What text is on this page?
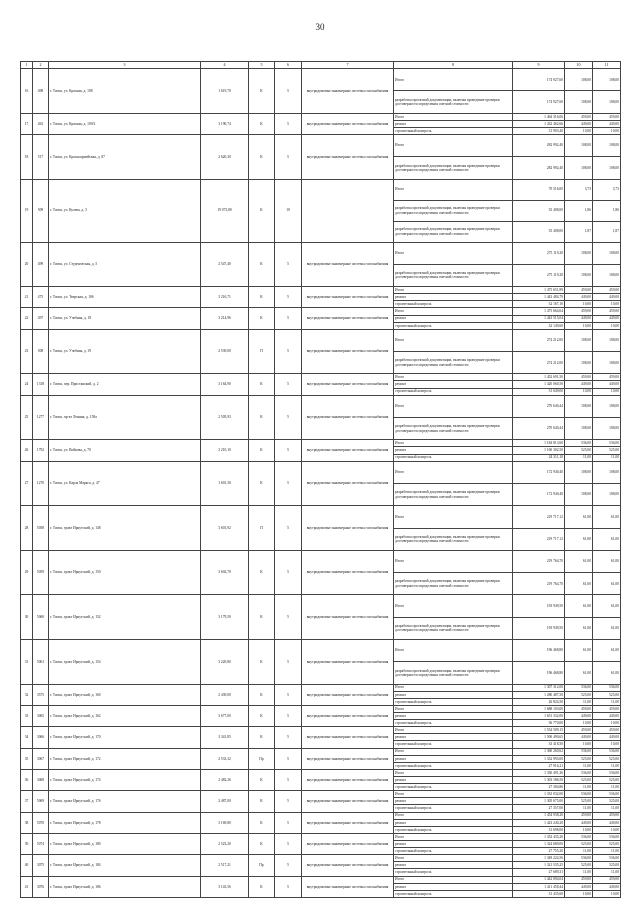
30
1	2	3	4	5	6	7	8	9	10	11
16	498	г. Томск, ул. Красная, д. 108	1 619,70	К	5	внутридомовые инженерные системы газоснабжения	Итого	174 927,60	108,00	108,00
							разработка проектной документации, включая проведение проверки достоверности определения сметной стоимости	174 927,60	108,00	108,00
17	463	г. Томск, ул. Красная, д. 109/2	3 190,74	К	5	внутридомовые инженерные системы газоснабжения	Итого	1 464 316,06	459,00	459,00
							ремонт	1 432 462,66	449,00	449,00
							строительный контроль	31 903,40	10,00	10,00
18	517	г. Томск, ул. Красноармейская, д. 87	2 620,30	К	5	внутридомовые инженерные системы газоснабжения	Итого	282 992,40	108,00	108,00
							разработка проектной документации, включая проведение проверки достоверности определения сметной стоимости	282 992,40	108,00	108,00
19	509	г. Томск, ул. Кулева, д. 3	19 073,80	К	10		Итого	70 516,00	3,73	3,73
							разработка проектной документации, включая проведение проверки достоверности определения сметной стоимости	35 408,00	1,86	1,86
							разработка проектной документации, включая проведение проверки достоверности определения сметной стоимости	35 408,00	1,87	1,87
20	499	г. Томск, ул. Студенческая, д. 5	2 547,40	К	5	внутридомовые инженерные системы газоснабжения	Итого	275 119,20	108,00	108,00
							разработка проектной документации, включая проведение проверки достоверности определения сметной стоимости	275 119,20	108,00	108,00
21	475	г. Томск, ул. Тверская, д. 106	3 216,71	К	5	внутридомовые инженерные системы газоснабжения	Итого	1 475 651,89	459,00	459,00
							ремонт	1 443 484,79	449,00	449,00
							строительный контроль	32 167,10	10,00	10,00
22	497	г. Томск, ул. Учебная, д. 18	3 214,96	К	5	внутридомовые инженерные системы газоснабжения	Итого	1 475 664,64	459,00	459,00
							ремонт	1 443 515,04	449,00	449,00
							строительный контроль	32 149,60	10,00	10,00
23	508	г. Томск, ул. Учебная, д. 19	2 539,00	П	5	внутридомовые инженерные системы газоснабжения	Итого	274 212,00	108,00	108,00
							разработка проектной документации, включая проведение проверки достоверности определения сметной стоимости	274 212,00	108,00	108,00
24	1318	г. Томск, пер. Пристанский, д. 2	3 164,90	К	5	внутридомовые инженерные системы газоснабжения	Итого	1 452 691,50	459,00	459,00
							ремонт	1 420 060,50	449,00	449,00
							строительный контроль	31 649,00	10,00	10,00
25	1277	г. Томск, пр-кт Ленина, д. 158а	2 505,93	К	5	внутридомовые инженерные системы газоснабжения	Итого	270 640,44	108,00	108,00
							разработка проектной документации, включая проведение проверки достоверности определения сметной стоимости	270 640,44	108,00	108,00
26	1792	г. Томск, ул. Войкова, д. 70	2 210,10	К	5	внутридомовые инженерные системы газоснабжения	Итого	1 184 813,60	536,00	536,00
							ремонт	1 160 302,50	525,00	525,00
							строительный контроль	24 311,10	11,00	11,00
27	1270	г. Томск, ул. Карла Маркса, д. 47	1 601,30	К	5	внутридомовые инженерные системы газоснабжения	Итого	172 940,40	108,00	108,00
							разработка проектной документации, включая проведение проверки достоверности определения сметной стоимости	172 940,40	108,00	108,00
28	5058	г. Томск, тракт Иркутский, д. 148	3 601,92	П	5	внутридомовые инженерные системы газоснабжения	Итого	219 717,12	61,00	61,00
							разработка проектной документации, включая проведение проверки достоверности определения сметной стоимости	219 717,12	61,00	61,00
29	5059	г. Томск, тракт Иркутский, д. 150	3 602,70	К	5	внутридомовые инженерные системы газоснабжения	Итого	219 764,70	61,00	61,00
							разработка проектной документации, включая проведение проверки достоверности определения сметной стоимости	219 764,70	61,00	61,00
30	5060	г. Томск, тракт Иркутский, д. 152	3 179,50	К	5	внутридомовые инженерные системы газоснабжения	Итого	193 949,50	61,00	61,00
							разработка проектной документации, включая проведение проверки достоверности определения сметной стоимости	193 949,50	61,00	61,00
31	5061	г. Томск, тракт Иркутский, д. 154	3 220,80	К	5	внутридомовые инженерные системы газоснабжения	Итого	196 468,80	61,00	61,00
							разработка проектной документации, включая проведение проверки достоверности определения сметной стоимости	196 468,80	61,00	61,00
32	3575	г. Томск, тракт Иркутский, д. 160	2 439,00	К	5	внутридомовые инженерные системы газоснабжения	Итого	1 307 312,00	536,00	536,00
							ремонт	1 280 487,50	525,00	525,00
							строительный контроль	26 824,50	11,00	11,00
33	3065	г. Томск, тракт Иркутский, д. 162	3 677,00	К	5	внутридомовые инженерные системы газоснабжения	Итого	1 688 103,00	459,00	459,00
							ремонт	1 651 332,00	449,00	449,00
							строительный контроль	36 770,00	10,00	10,00
34	3066	г. Томск, тракт Иркутский, д. 170	3 341,85	К	5	внутридомовые инженерные системы газоснабжения	Итого	1 534 509,15	459,00	459,00
							ремонт	1 500 490,65	449,00	449,00
							строительный контроль	33 418,50	10,00	10,00
35	3067	г. Томск, тракт Иркутский, д. 172	2 533,32	Пр	5	внутридомовые инженерные системы газоснабжения	Итого	1 360 260,62	536,00	536,00
							ремонт	1 332 993,00	525,00	525,00
							строительный контроль	27 916,21	11,00	11,00
36	3068	г. Томск, тракт Иркутский, д. 174	2 482,26	К	5	внутридомовые инженерные системы газоснабжения	Итого	1 330 491,36	536,00	536,00
							ремонт	1 303 186,50	525,00	525,00
							строительный контроль	27 304,86	11,00	11,00
37	5069	г. Томск, тракт Иркутский, д. 176	2 487,00	К	5	внутридомовые инженерные системы газоснабжения	Итого	1 333 032,00	536,00	536,00
							ремонт	1 305 675,00	525,00	525,00
							строительный контроль	27 357,00	11,00	11,00
38	5070	г. Томск, тракт Иркутский, д. 178	3 169,80	К	5	внутридомовые инженерные системы газоснабжения	Итого	1 454 938,20	459,00	459,00
							ремонт	1 423 240,20	449,00	449,00
							строительный контроль	31 698,00	10,00	10,00
39	5074	г. Томск, тракт Иркутский, д. 180	2 523,20	К	5	внутридомовые инженерные системы газоснабжения	Итого	1 352 435,20	536,00	536,00
							ремонт	1 324 680,00	525,00	525,00
							строительный контроль	27 755,20	11,00	11,00
40	3075	г. Томск, тракт Иркутский, д. 184	2 517,21	Пр	5	внутридомовые инженерные системы газоснабжения	Итого	1 349 224,56	536,00	536,00
							ремонт	1 321 535,25	525,00	525,00
							строительный контроль	27 689,31	11,00	11,00
41	3076	г. Томск, тракт Иркутский, д. 186	3 143,56	К	5	внутридомовые инженерные системы газоснабжения	Итого	1 442 894,04	459,00	459,00
							ремонт	1 411 458,44	449,00	449,00
							строительный контроль	31 435,60	10,00	10,00
